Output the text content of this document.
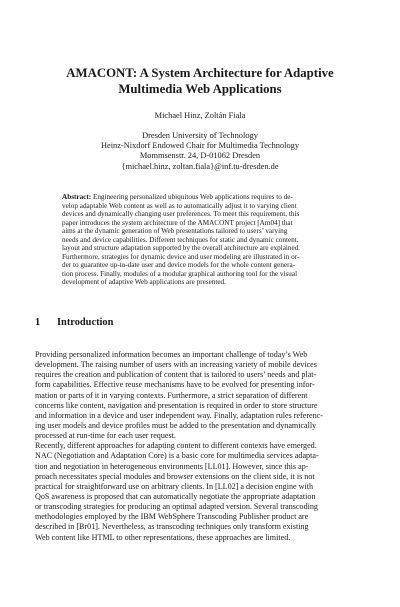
AMACONT: A System Architecture for Adaptive
Multimedia Web Applications
Michael Hinz, Zoltán Fiala
Dresden University of Technology
Heinz-Nixdorf Endowed Chair for Multimedia Technology
Mommsenstr. 24, D-01062 Dresden
{michael.hinz, zoltan.fiala}@inf.tu-dresden.de
Abstract: Engineering personalized ubiquitous Web applications requires to de-
velop adaptable Web content as well as to automatically adjust it to varying client
devices and dynamically changing user preferences. To meet this requirement, this
paper introduces the system architecture of the AMACONT project [Am04] that
aims at the dynamic generation of Web presentations tailored to users’ varying
needs and device capabilities. Different techniques for static and dynamic content,
layout and structure adaptation supported by the overall architecture are explained.
Furthermore, strategies for dynamic device and user modeling are illustrated in or-
der to guarantee up-to-date user and device models for the whole content genera-
tion process. Finally, modules of a modular graphical authoring tool for the visual
development of adaptive Web applications are presented.
1 Introduction
Providing personalized information becomes an important challenge of today’s Web
development. The raising number of users with an increasing variety of mobile devices
requires the creation and publication of content that is tailored to users’ needs and plat-
form capabilities. Effective reuse mechanisms have to be evolved for presenting infor-
mation or parts of it in varying contexts. Furthermore, a strict separation of different
concerns like content, navigation and presentation is required in order to store structure
and information in a device and user independent way. Finally, adaptation rules referenc-
ing user models and device profiles must be added to the presentation and dynamically
processed at run-time for each user request.
Recently, different approaches for adapting content to different contexts have emerged.
NAC (Negotiation and Adaptation Core) is a basic core for multimedia services adapta-
tion and negotiation in heterogeneous environments [LL01]. However, since this ap-
proach necessitates special modules and browser extensions on the client side, it is not
practical for straightforward use on arbitrary clients. In [LL02] a decision engine with
QoS awareness is proposed that can automatically negotiate the appropriate adaptation
or transcoding strategies for producing an optimal adapted version. Several transcoding
methodologies employed by the IBM WebSphere Transcoding Publisher product are
described in [Br01]. Nevertheless, as transcoding techniques only transform existing
Web content like HTML to other representations, these approaches are limited.
